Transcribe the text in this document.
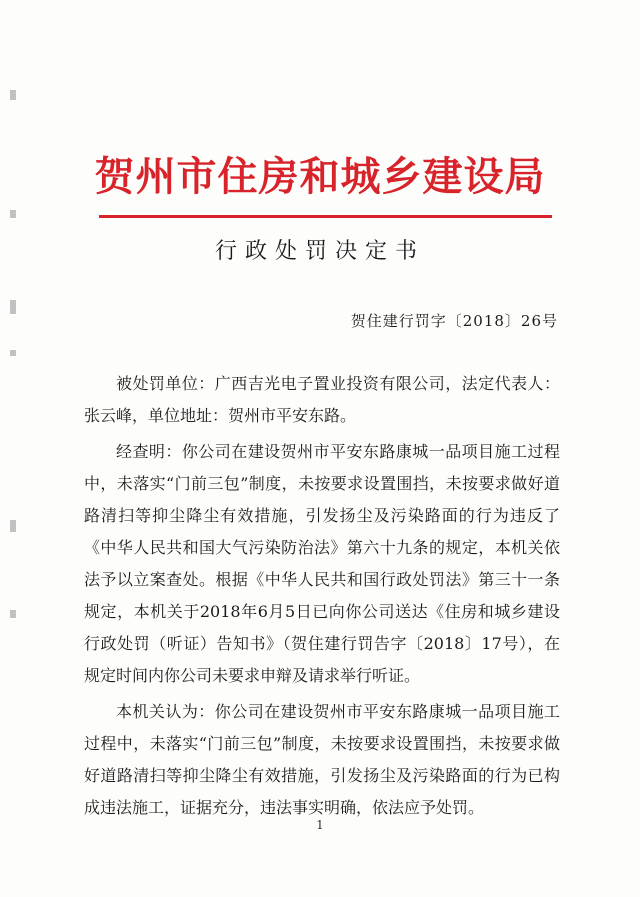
贺州市住房和城乡建设局
行政处罚决定书
贺住建行罚字〔2018〕26号

被处罚单位：广西吉光电子置业投资有限公司，法定代表人：张云峰，单位地址：贺州市平安东路。

经查明：你公司在建设贺州市平安东路康城一品项目施工过程中，未落实“门前三包”制度，未按要求设置围挡，未按要求做好道路清扫等抑尘降尘有效措施，引发扬尘及污染路面的行为违反了《中华人民共和国大气污染防治法》第六十九条的规定，本机关依法予以立案查处。根据《中华人民共和国行政处罚法》第三十一条规定，本机关于2018年6月5日已向你公司送达《住房和城乡建设行政处罚（听证）告知书》（贺住建行罚告字〔2018〕17号），在规定时间内你公司未要求申辩及请求举行听证。

本机关认为：你公司在建设贺州市平安东路康城一品项目施工过程中，未落实“门前三包”制度，未按要求设置围挡，未按要求做好道路清扫等抑尘降尘有效措施，引发扬尘及污染路面的行为已构成违法施工，证据充分，违法事实明确，依法应予处罚。

1
